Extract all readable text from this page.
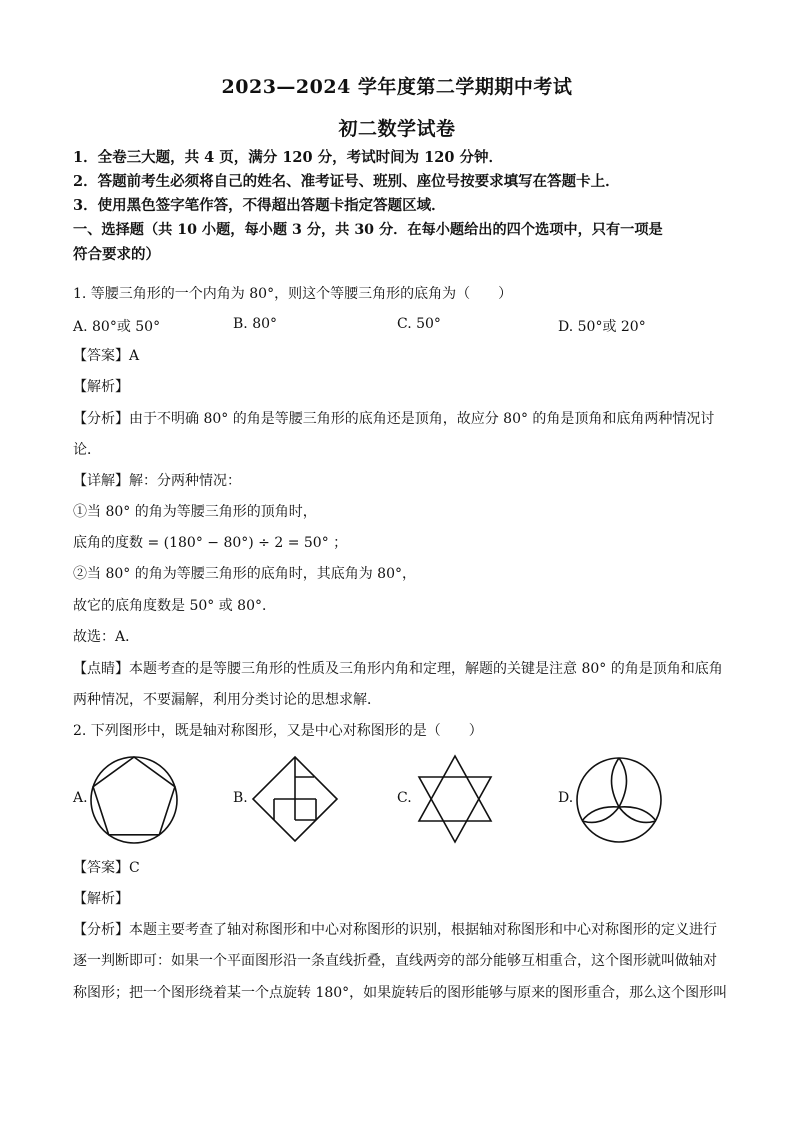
2023—2024 学年度第二学期期中考试
初二数学试卷
1．全卷三大题，共 4 页，满分 120 分，考试时间为 120 分钟．
2．答题前考生必须将自己的姓名、准考证号、班别、座位号按要求填写在答题卡上．
3．使用黑色签字笔作答，不得超出答题卡指定答题区域．
一、选择题（共 10 小题，每小题 3 分，共 30 分．在每小题给出的四个选项中，只有一项是
符合要求的）
1. 等腰三角形的一个内角为 80°，则这个等腰三角形的底角为（　　）
A. 80°或 50°	B. 80°	C. 50°	D. 50°或 20°
【答案】A
【解析】
【分析】由于不明确 80° 的角是等腰三角形的底角还是顶角，故应分 80° 的角是顶角和底角两种情况讨
论．
【详解】解：分两种情况：
①当 80° 的角为等腰三角形的顶角时，
底角的度数 = (180° − 80°) ÷ 2 = 50° ；
②当 80° 的角为等腰三角形的底角时，其底角为 80°，
故它的底角度数是 50° 或 80°．
故选：A．
【点睛】本题考查的是等腰三角形的性质及三角形内角和定理，解题的关键是注意 80° 的角是顶角和底角
两种情况，不要漏解，利用分类讨论的思想求解．
2. 下列图形中，既是轴对称图形，又是中心对称图形的是（　　）
A.	B.	C.	D.
【答案】C
【解析】
【分析】本题主要考查了轴对称图形和中心对称图形的识别，根据轴对称图形和中心对称图形的定义进行
逐一判断即可：如果一个平面图形沿一条直线折叠，直线两旁的部分能够互相重合，这个图形就叫做轴对
称图形；把一个图形绕着某一个点旋转 180°，如果旋转后的图形能够与原来的图形重合，那么这个图形叫
